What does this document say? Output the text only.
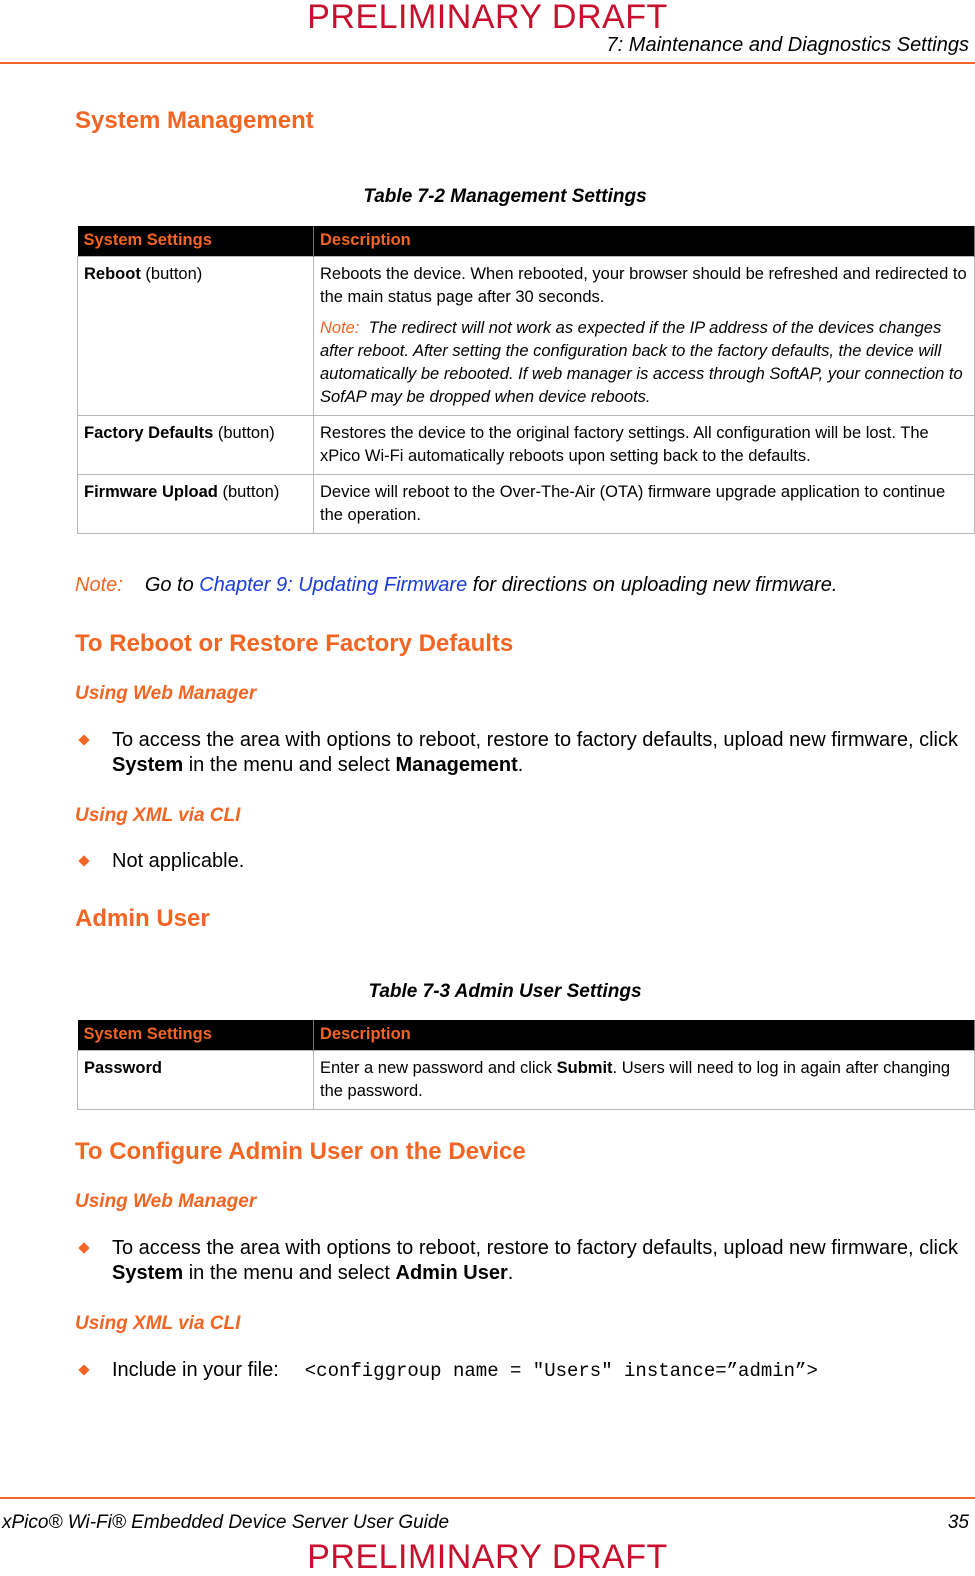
PRELIMINARY DRAFT
7: Maintenance and Diagnostics Settings
System Management
Table 7-2 Management Settings
System Settings	Description
Reboot (button)	Reboots the device. When rebooted, your browser should be refreshed and redirected to the main status page after 30 seconds.

Note: The redirect will not work as expected if the IP address of the devices changes after reboot. After setting the configuration back to the factory defaults, the device will automatically be rebooted. If web manager is access through SoftAP, your connection to SofAP may be dropped when device reboots.

Factory Defaults (button)	Restores the device to the original factory settings. All configuration will be lost. The xPico Wi-Fi automatically reboots upon setting back to the defaults.
Firmware Upload (button)	Device will reboot to the Over-The-Air (OTA) firmware upgrade application to continue the operation.
Note: Go to Chapter 9: Updating Firmware for directions on uploading new firmware.
To Reboot or Restore Factory Defaults
Using Web Manager
To access the area with options to reboot, restore to factory defaults, upload new firmware, click System in the menu and select Management.
Using XML via CLI
Not applicable.
Admin User
Table 7-3 Admin User Settings
System Settings	Description
Password	Enter a new password and click Submit. Users will need to log in again after changing the password.
To Configure Admin User on the Device
Using Web Manager
To access the area with options to reboot, restore to factory defaults, upload new firmware, click System in the menu and select Admin User.
Using XML via CLI
Include in your file: <configgroup name = "Users" instance=”admin”>
xPico® Wi-Fi® Embedded Device Server User Guide	35
PRELIMINARY DRAFT
